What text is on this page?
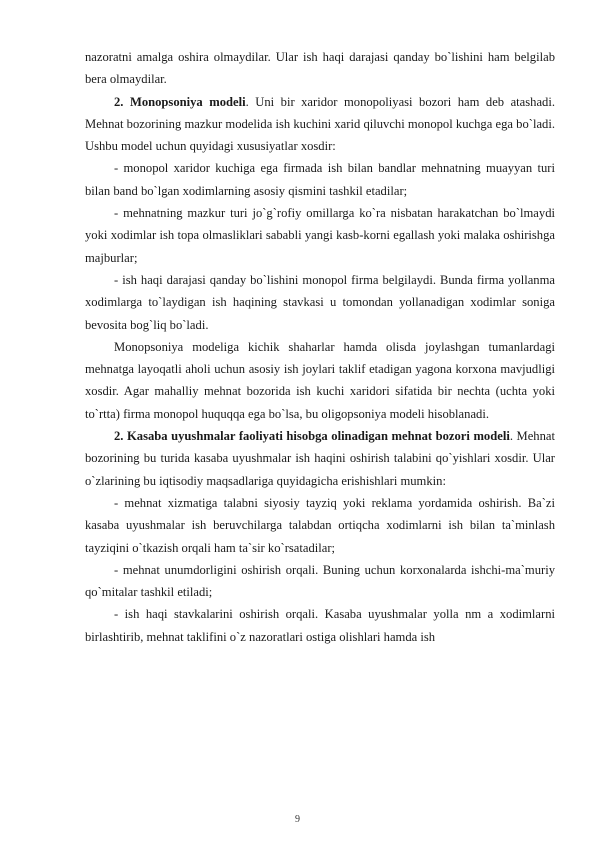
nazoratni amalga oshira olmaydilar. Ular ish haqi darajasi qanday bo`lishini ham belgilab bera olmaydilar.

2. Monopsoniya modeli. Uni bir xaridor monopoliyasi bozori ham deb atashadi. Mehnat bozorining mazkur modelida ish kuchini xarid qiluvchi monopol kuchga ega bo`ladi. Ushbu model uchun quyidagi xususiyatlar xosdir:

- monopol xaridor kuchiga ega firmada ish bilan bandlar mehnatning muayyan turi bilan band bo`lgan xodimlarning asosiy qismini tashkil etadilar;

- mehnatning mazkur turi jo`g`rofiy omillarga ko`ra nisbatan harakatchan bo`lmaydi yoki xodimlar ish topa olmasliklari sababli yangi kasb-korni egallash yoki malaka oshirishga majburlar;

- ish haqi darajasi qanday bo`lishini monopol firma belgilaydi. Bunda firma yollanma xodimlarga to`laydigan ish haqining stavkasi u tomondan yollanadigan xodimlar soniga bevosita bog`liq bo`ladi.

Monopsoniya modeliga kichik shaharlar hamda olisda joylashgan tumanlardagi mehnatga layoqatli aholi uchun asosiy ish joylari taklif etadigan yagona korxona mavjudligi xosdir. Agar mahalliy mehnat bozorida ish kuchi xaridori sifatida bir nechta (uchta yoki to`rtta) firma monopol huquqqa ega bo`lsa, bu oligopsoniya modeli hisoblanadi.

2. Kasaba uyushmalar faoliyati hisobga olinadigan mehnat bozori modeli. Mehnat bozorining bu turida kasaba uyushmalar ish haqini oshirish talabini qo`yishlari xosdir. Ular o`zlarining bu iqtisodiy maqsadlariga quyidagicha erishishlari mumkin:

- mehnat xizmatiga talabni siyosiy tayziq yoki reklama yordamida oshirish. Ba`zi kasaba uyushmalar ish beruvchilarga talabdan ortiqcha xodimlarni ish bilan ta`minlash tayziqini o`tkazish orqali ham ta`sir ko`rsatadilar;

- mehnat unumdorligini oshirish orqali. Buning uchun korxonalarda ishchi-ma`muriy qo`mitalar tashkil etiladi;

- ish haqi stavkalarini oshirish orqali. Kasaba uyushmalar yolla nm a xodimlarni birlashtirib, mehnat taklifini o`z nazoratlari ostiga olishlari hamda ish

9
